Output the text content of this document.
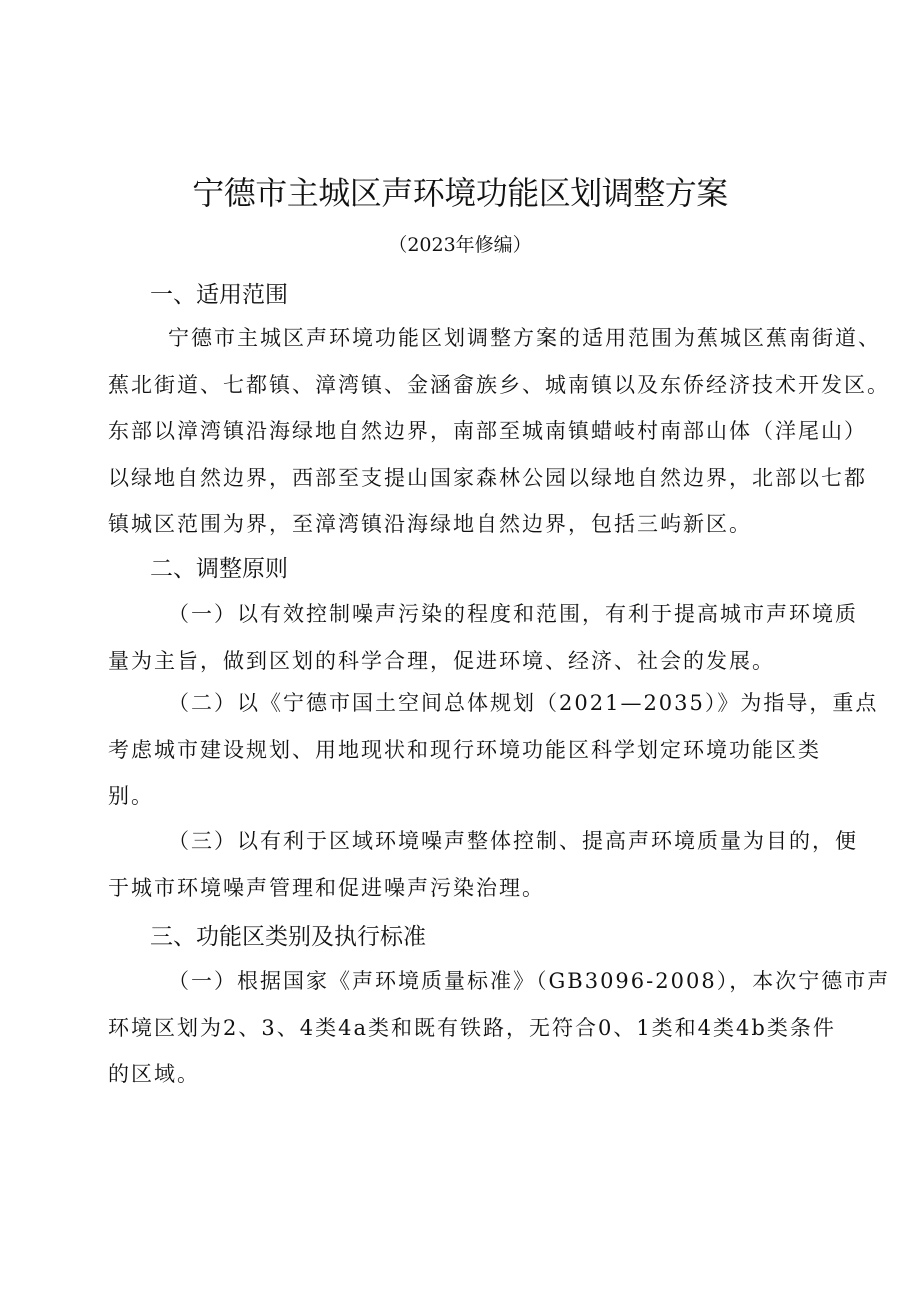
宁德市主城区声环境功能区划调整方案
（2023年修编）
一、适用范围
宁德市主城区声环境功能区划调整方案的适用范围为蕉城区蕉南街道、
蕉北街道、七都镇、漳湾镇、金涵畲族乡、城南镇以及东侨经济技术开发区。
东部以漳湾镇沿海绿地自然边界，南部至城南镇蜡岐村南部山体（洋尾山）
以绿地自然边界，西部至支提山国家森林公园以绿地自然边界，北部以七都
镇城区范围为界，至漳湾镇沿海绿地自然边界，包括三屿新区。
二、调整原则
（一）以有效控制噪声污染的程度和范围，有利于提高城市声环境质
量为主旨，做到区划的科学合理，促进环境、经济、社会的发展。
（二）以《宁德市国土空间总体规划（2021—2035）》为指导，重点
考虑城市建设规划、用地现状和现行环境功能区科学划定环境功能区类
别。
（三）以有利于区域环境噪声整体控制、提高声环境质量为目的，便
于城市环境噪声管理和促进噪声污染治理。
三、功能区类别及执行标准
（一）根据国家《声环境质量标准》（GB3096-2008），本次宁德市声
环境区划为2、3、4类4a类和既有铁路，无符合0、1类和4类4b类条件
的区域。
